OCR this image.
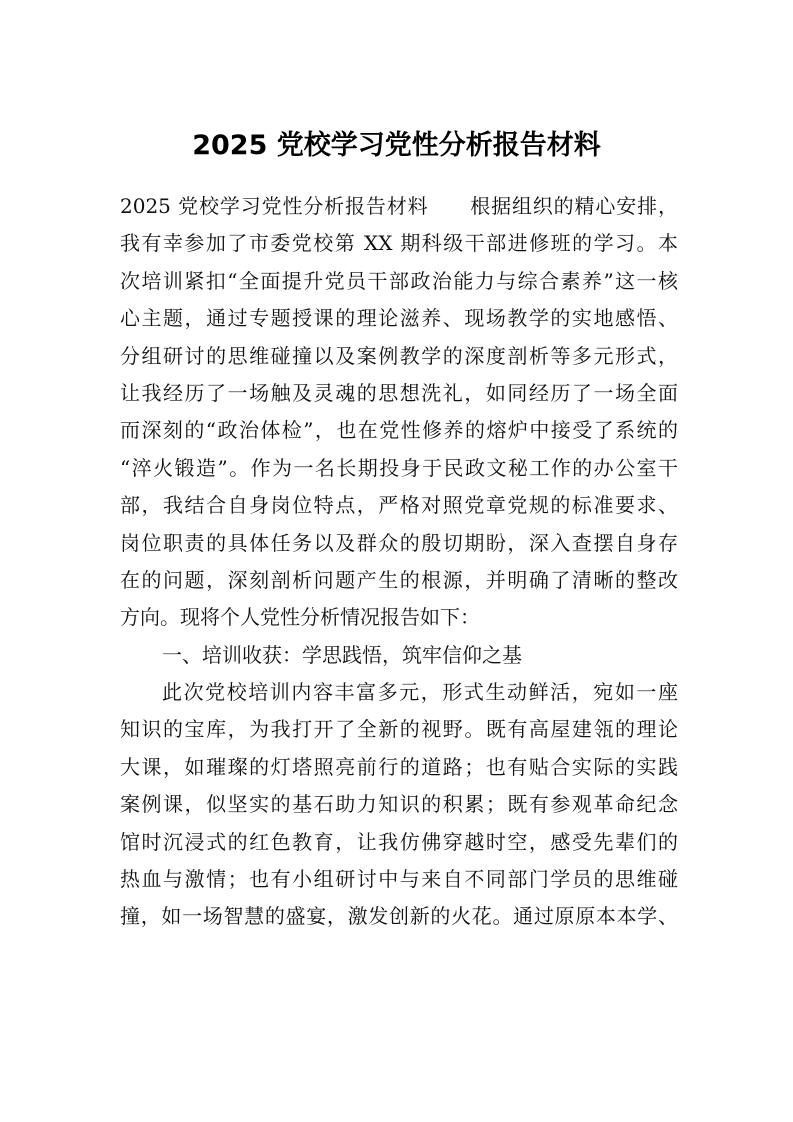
2025 党校学习党性分析报告材料
2025 党校学习党性分析报告材料　　根据组织的精心安排，
我有幸参加了市委党校第 XX 期科级干部进修班的学习。本
次培训紧扣“全面提升党员干部政治能力与综合素养”这一核
心主题，通过专题授课的理论滋养、现场教学的实地感悟、
分组研讨的思维碰撞以及案例教学的深度剖析等多元形式，
让我经历了一场触及灵魂的思想洗礼，如同经历了一场全面
而深刻的“政治体检”，也在党性修养的熔炉中接受了系统的
“淬火锻造”。作为一名长期投身于民政文秘工作的办公室干
部，我结合自身岗位特点，严格对照党章党规的标准要求、
岗位职责的具体任务以及群众的殷切期盼，深入查摆自身存
在的问题，深刻剖析问题产生的根源，并明确了清晰的整改
方向。现将个人党性分析情况报告如下：
一、培训收获：学思践悟，筑牢信仰之基
此次党校培训内容丰富多元，形式生动鲜活，宛如一座
知识的宝库，为我打开了全新的视野。既有高屋建瓴的理论
大课，如璀璨的灯塔照亮前行的道路；也有贴合实际的实践
案例课，似坚实的基石助力知识的积累；既有参观革命纪念
馆时沉浸式的红色教育，让我仿佛穿越时空，感受先辈们的
热血与激情；也有小组研讨中与来自不同部门学员的思维碰
撞，如一场智慧的盛宴，激发创新的火花。通过原原本本学、
